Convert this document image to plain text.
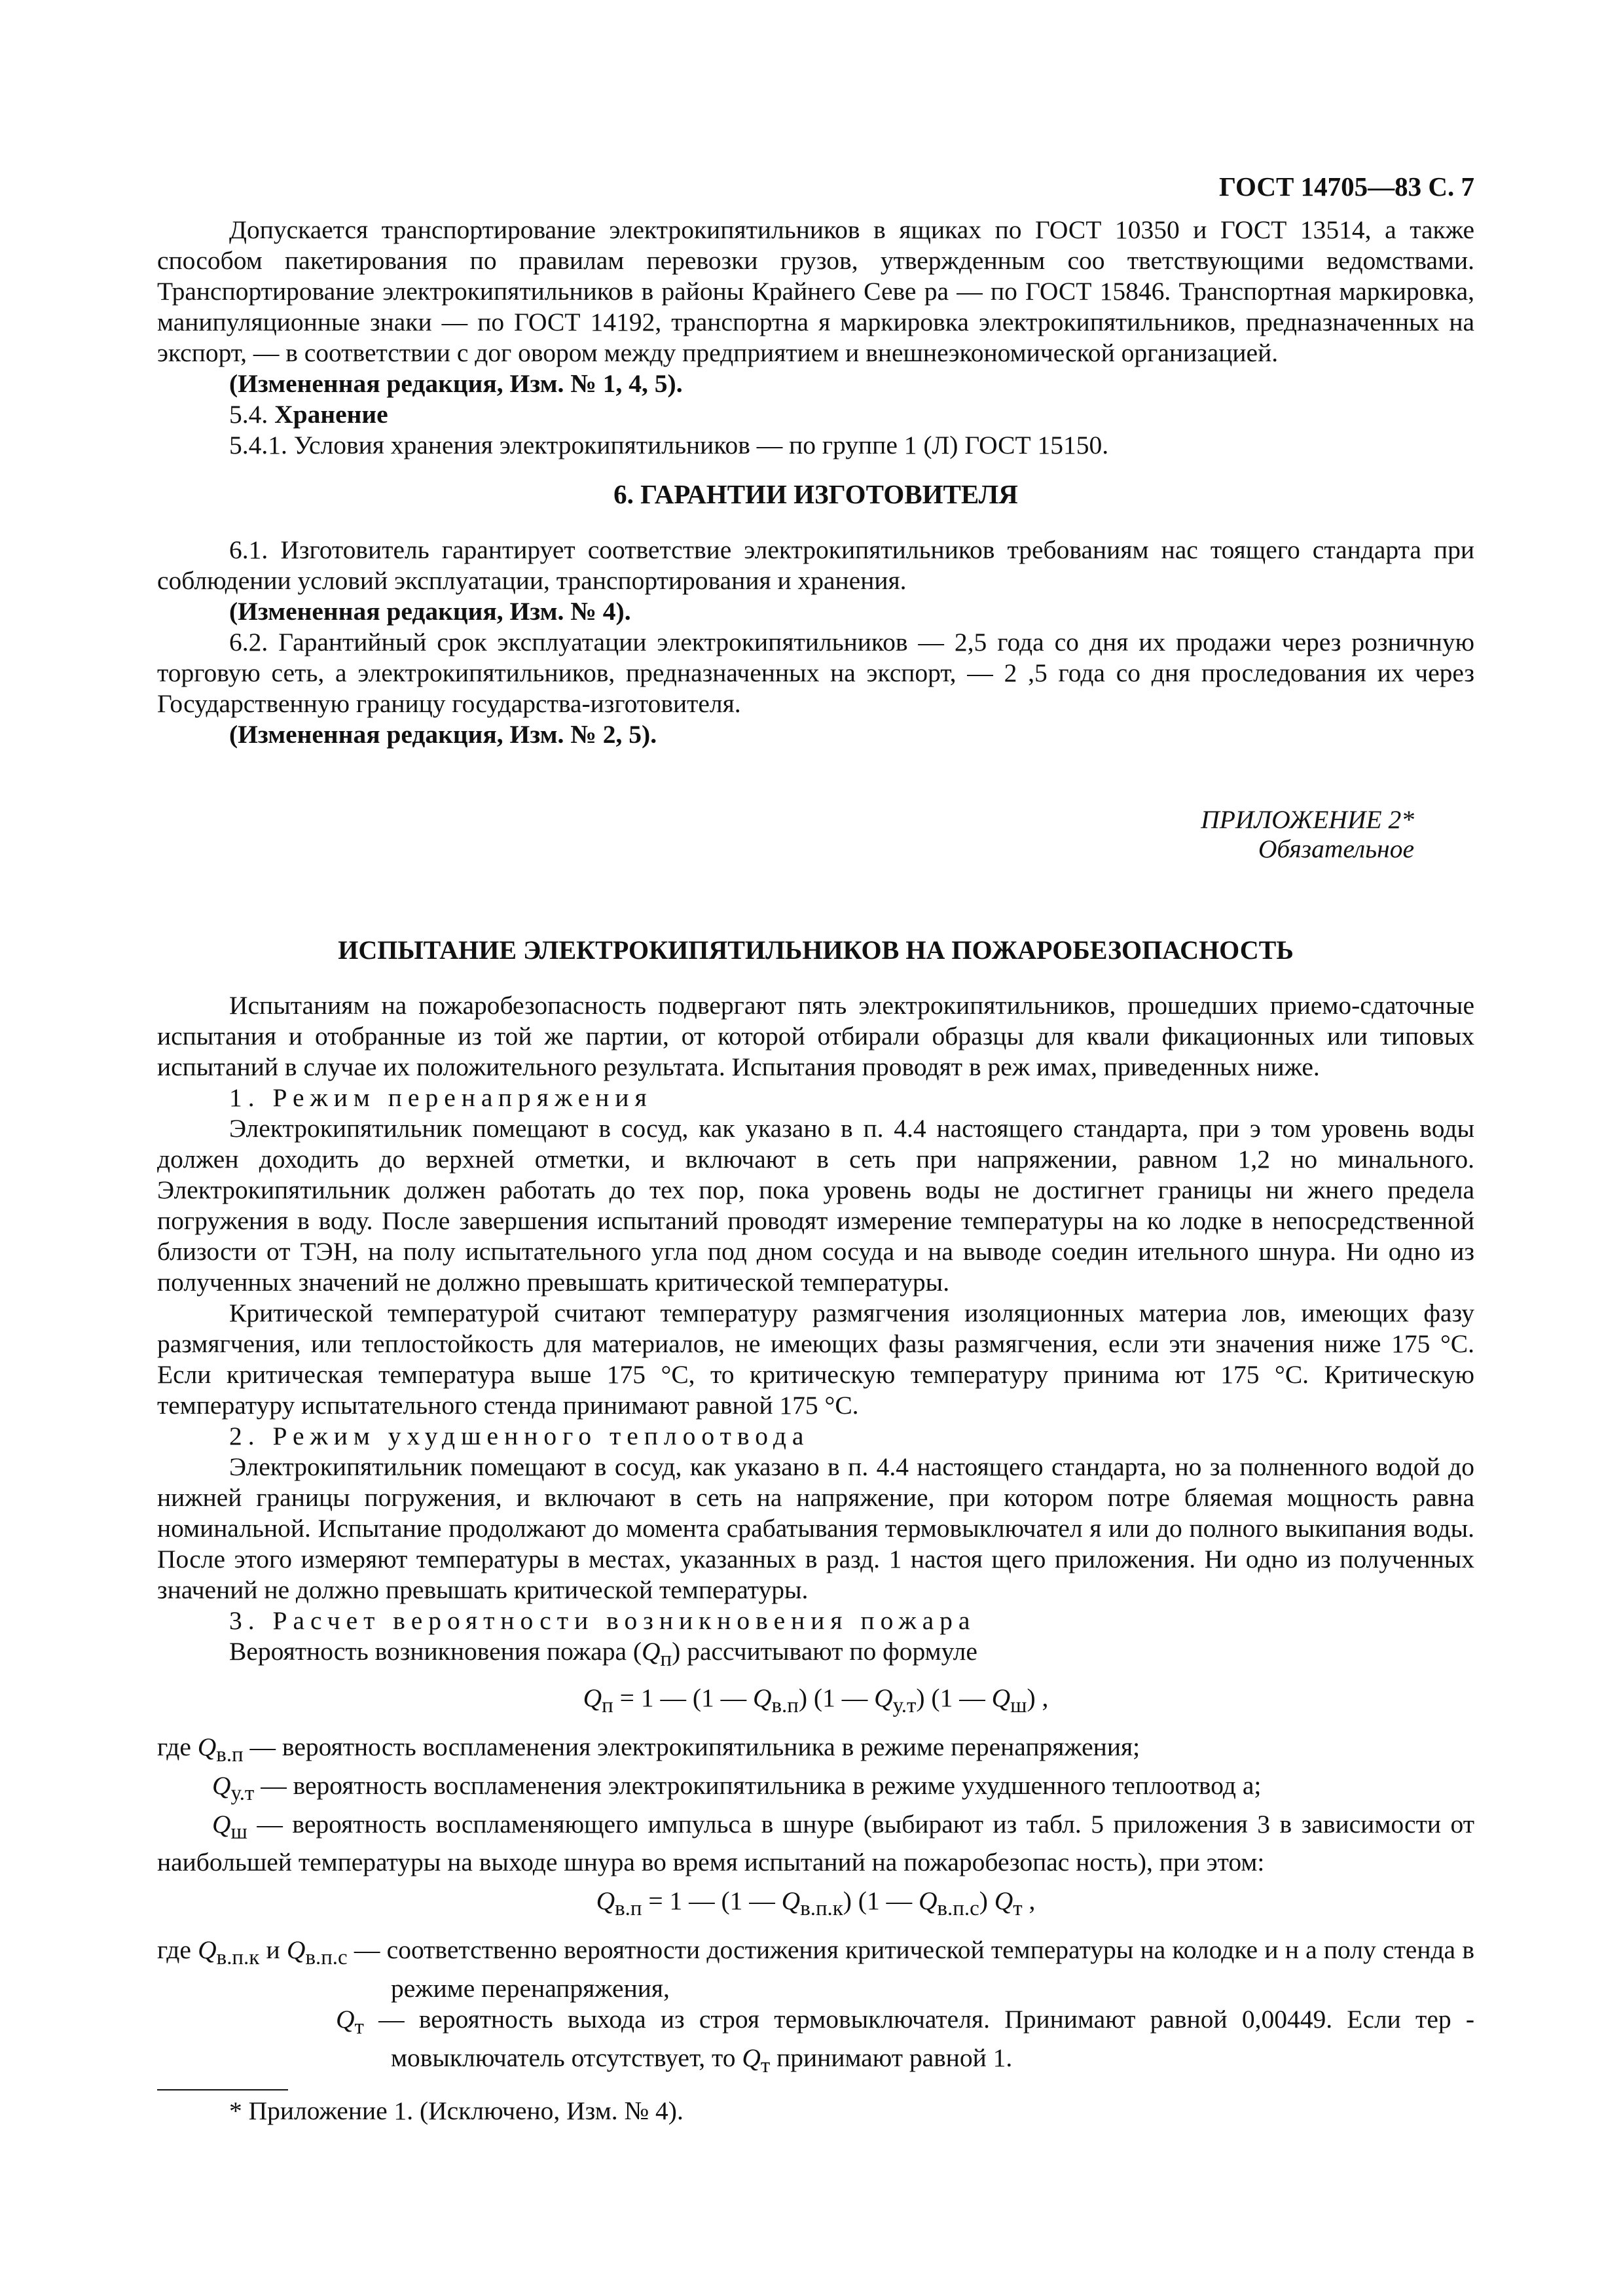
ГОСТ 14705—83 С. 7

Допускается транспортирование электрокипятильников в ящиках по ГОСТ 10350 и ГОСТ 13514, а также способом пакетирования по правилам перевозки грузов, утвержденным соо тветствующими ведомствами. Транспортирование электрокипятильников в районы Крайнего Севе ра — по ГОСТ 15846. Транспортная маркировка, манипуляционные знаки — по ГОСТ 14192, транспортна я маркировка электрокипятильников, предназначенных на экспорт, — в соответствии с дог овором между предприятием и внешнеэкономической организацией.

(Измененная редакция, Изм. № 1, 4, 5).

5.4. Хранение

5.4.1. Условия хранения электрокипятильников — по группе 1 (Л) ГОСТ 15150.

6. ГАРАНТИИ ИЗГОТОВИТЕЛЯ

6.1. Изготовитель гарантирует соответствие электрокипятильников требованиям нас тоящего стандарта при соблюдении условий эксплуатации, транспортирования и хранения.

(Измененная редакция, Изм. № 4).

6.2. Гарантийный срок эксплуатации электрокипятильников — 2,5 года со дня их продажи через розничную торговую сеть, а электрокипятильников, предназначенных на экспорт, — 2 ,5 года со дня проследования их через Государственную границу государства-изготовителя.

(Измененная редакция, Изм. № 2, 5).

ПРИЛОЖЕНИЕ 2*
Обязательное
ИСПЫТАНИЕ ЭЛЕКТРОКИПЯТИЛЬНИКОВ НА ПОЖАРОБЕЗОПАСНОСТЬ

Испытаниям на пожаробезопасность подвергают пять электрокипятильников, прошедших приемо-сдаточные испытания и отобранные из той же партии, от которой отбирали образцы для квали фикационных или типовых испытаний в случае их положительного результата. Испытания проводят в реж имах, приведенных ниже.

1. Режим перенапряжения

Электрокипятильник помещают в сосуд, как указано в п. 4.4 настоящего стандарта, при э том уровень воды должен доходить до верхней отметки, и включают в сеть при напряжении, равном 1,2 но минального. Электрокипятильник должен работать до тех пор, пока уровень воды не достигнет границы ни жнего предела погружения в воду. После завершения испытаний проводят измерение температуры на ко лодке в непосредственной близости от ТЭН, на полу испытательного угла под дном сосуда и на выводе соедин ительного шнура. Ни одно из полученных значений не должно превышать критической температуры.

Критической температурой считают температуру размягчения изоляционных материа лов, имеющих фазу размягчения, или теплостойкость для материалов, не имеющих фазы размягчения, если эти значения ниже 175 °С. Если критическая температура выше 175 °С, то критическую температуру принима ют 175 °С. Критическую температуру испытательного стенда принимают равной 175 °С.

2. Режим ухудшенного теплоотвода

Электрокипятильник помещают в сосуд, как указано в п. 4.4 настоящего стандарта, но за полненного водой до нижней границы погружения, и включают в сеть на напряжение, при котором потре бляемая мощность равна номинальной. Испытание продолжают до момента срабатывания термовыключател я или до полного выкипания воды. После этого измеряют температуры в местах, указанных в разд. 1 настоя щего приложения. Ни одно из полученных значений не должно превышать критической температуры.

3. Расчет вероятности возникновения пожара

Вероятность возникновения пожара $(Q_п)$ рассчитывают по формуле

$Q_п = 1$ — (1 — $Q_{в.п}$) (1 — $Q_{у.т}$) (1 — $Q_ш$) ,

где $Q_{в.п}$ — вероятность воспламенения электрокипятильника в режиме перенапряжения;

$Q_{у.т}$ — вероятность воспламенения электрокипятильника в режиме ухудшенного теплоотвод а;

$Q_ш$ — вероятность воспламеняющего импульса в шнуре (выбирают из табл. 5 приложения 3 в зависимости от наибольшей температуры на выходе шнура во время испытаний на пожаробезопас ность), при этом:

$Q_{в.п} = 1$ — (1 — $Q_{в.п.к}$) (1 — $Q_{в.п.с}$) $Q_т$ ,

где $Q_{в.п.к}$ и $Q_{в.п.с}$ — соответственно вероятности достижения критической температуры на колодке и н а полу стенда в режиме перенапряжения,

$Q_т$ — вероятность выхода из строя термовыключателя. Принимают равной 0,00449. Если тер мовыключатель отсутствует, то $Q_т$ принимают равной 1.

* Приложение 1. (Исключено, Изм. № 4).
